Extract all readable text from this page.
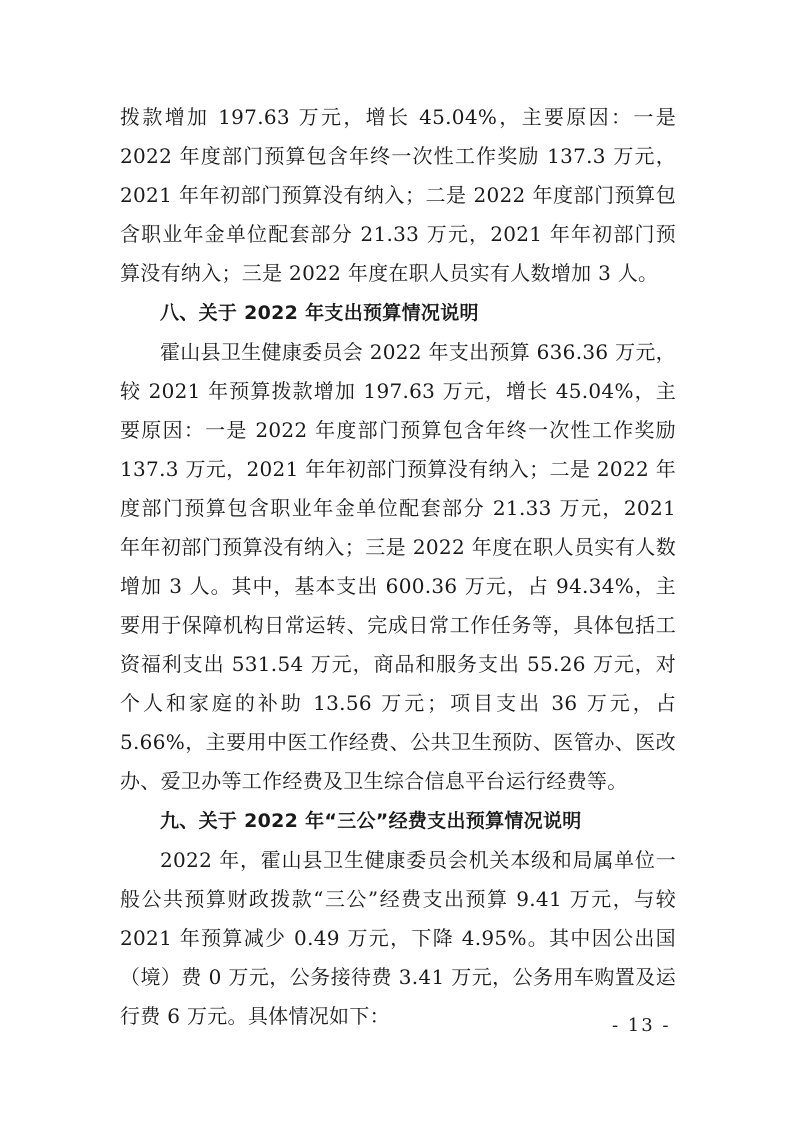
拨款增加 197.63 万元，增长 45.04%，主要原因：一是 2022 年度部门预算包含年终一次性工作奖励 137.3 万元，2021 年年初部门预算没有纳入；二是 2022 年度部门预算包含职业年金单位配套部分 21.33 万元，2021 年年初部门预算没有纳入；三是 2022 年度在职人员实有人数增加 3 人。

八、关于 2022 年支出预算情况说明

霍山县卫生健康委员会 2022 年支出预算 636.36 万元，较 2021 年预算拨款增加 197.63 万元，增长 45.04%，主要原因：一是 2022 年度部门预算包含年终一次性工作奖励 137.3 万元，2021 年年初部门预算没有纳入；二是 2022 年度部门预算包含职业年金单位配套部分 21.33 万元，2021 年年初部门预算没有纳入；三是 2022 年度在职人员实有人数增加 3 人。其中，基本支出 600.36 万元，占 94.34%，主要用于保障机构日常运转、完成日常工作任务等，具体包括工资福利支出 531.54 万元，商品和服务支出 55.26 万元，对个人和家庭的补助 13.56 万元；项目支出 36 万元，占 5.66%，主要用中医工作经费、公共卫生预防、医管办、医改办、爱卫办等工作经费及卫生综合信息平台运行经费等。

九、关于 2022 年“三公”经费支出预算情况说明

2022 年，霍山县卫生健康委员会机关本级和局属单位一般公共预算财政拨款“三公”经费支出预算 9.41 万元，与较 2021 年预算减少 0.49 万元，下降 4.95%。其中因公出国（境）费 0 万元，公务接待费 3.41 万元，公务用车购置及运行费 6 万元。具体情况如下：	- 13 -
